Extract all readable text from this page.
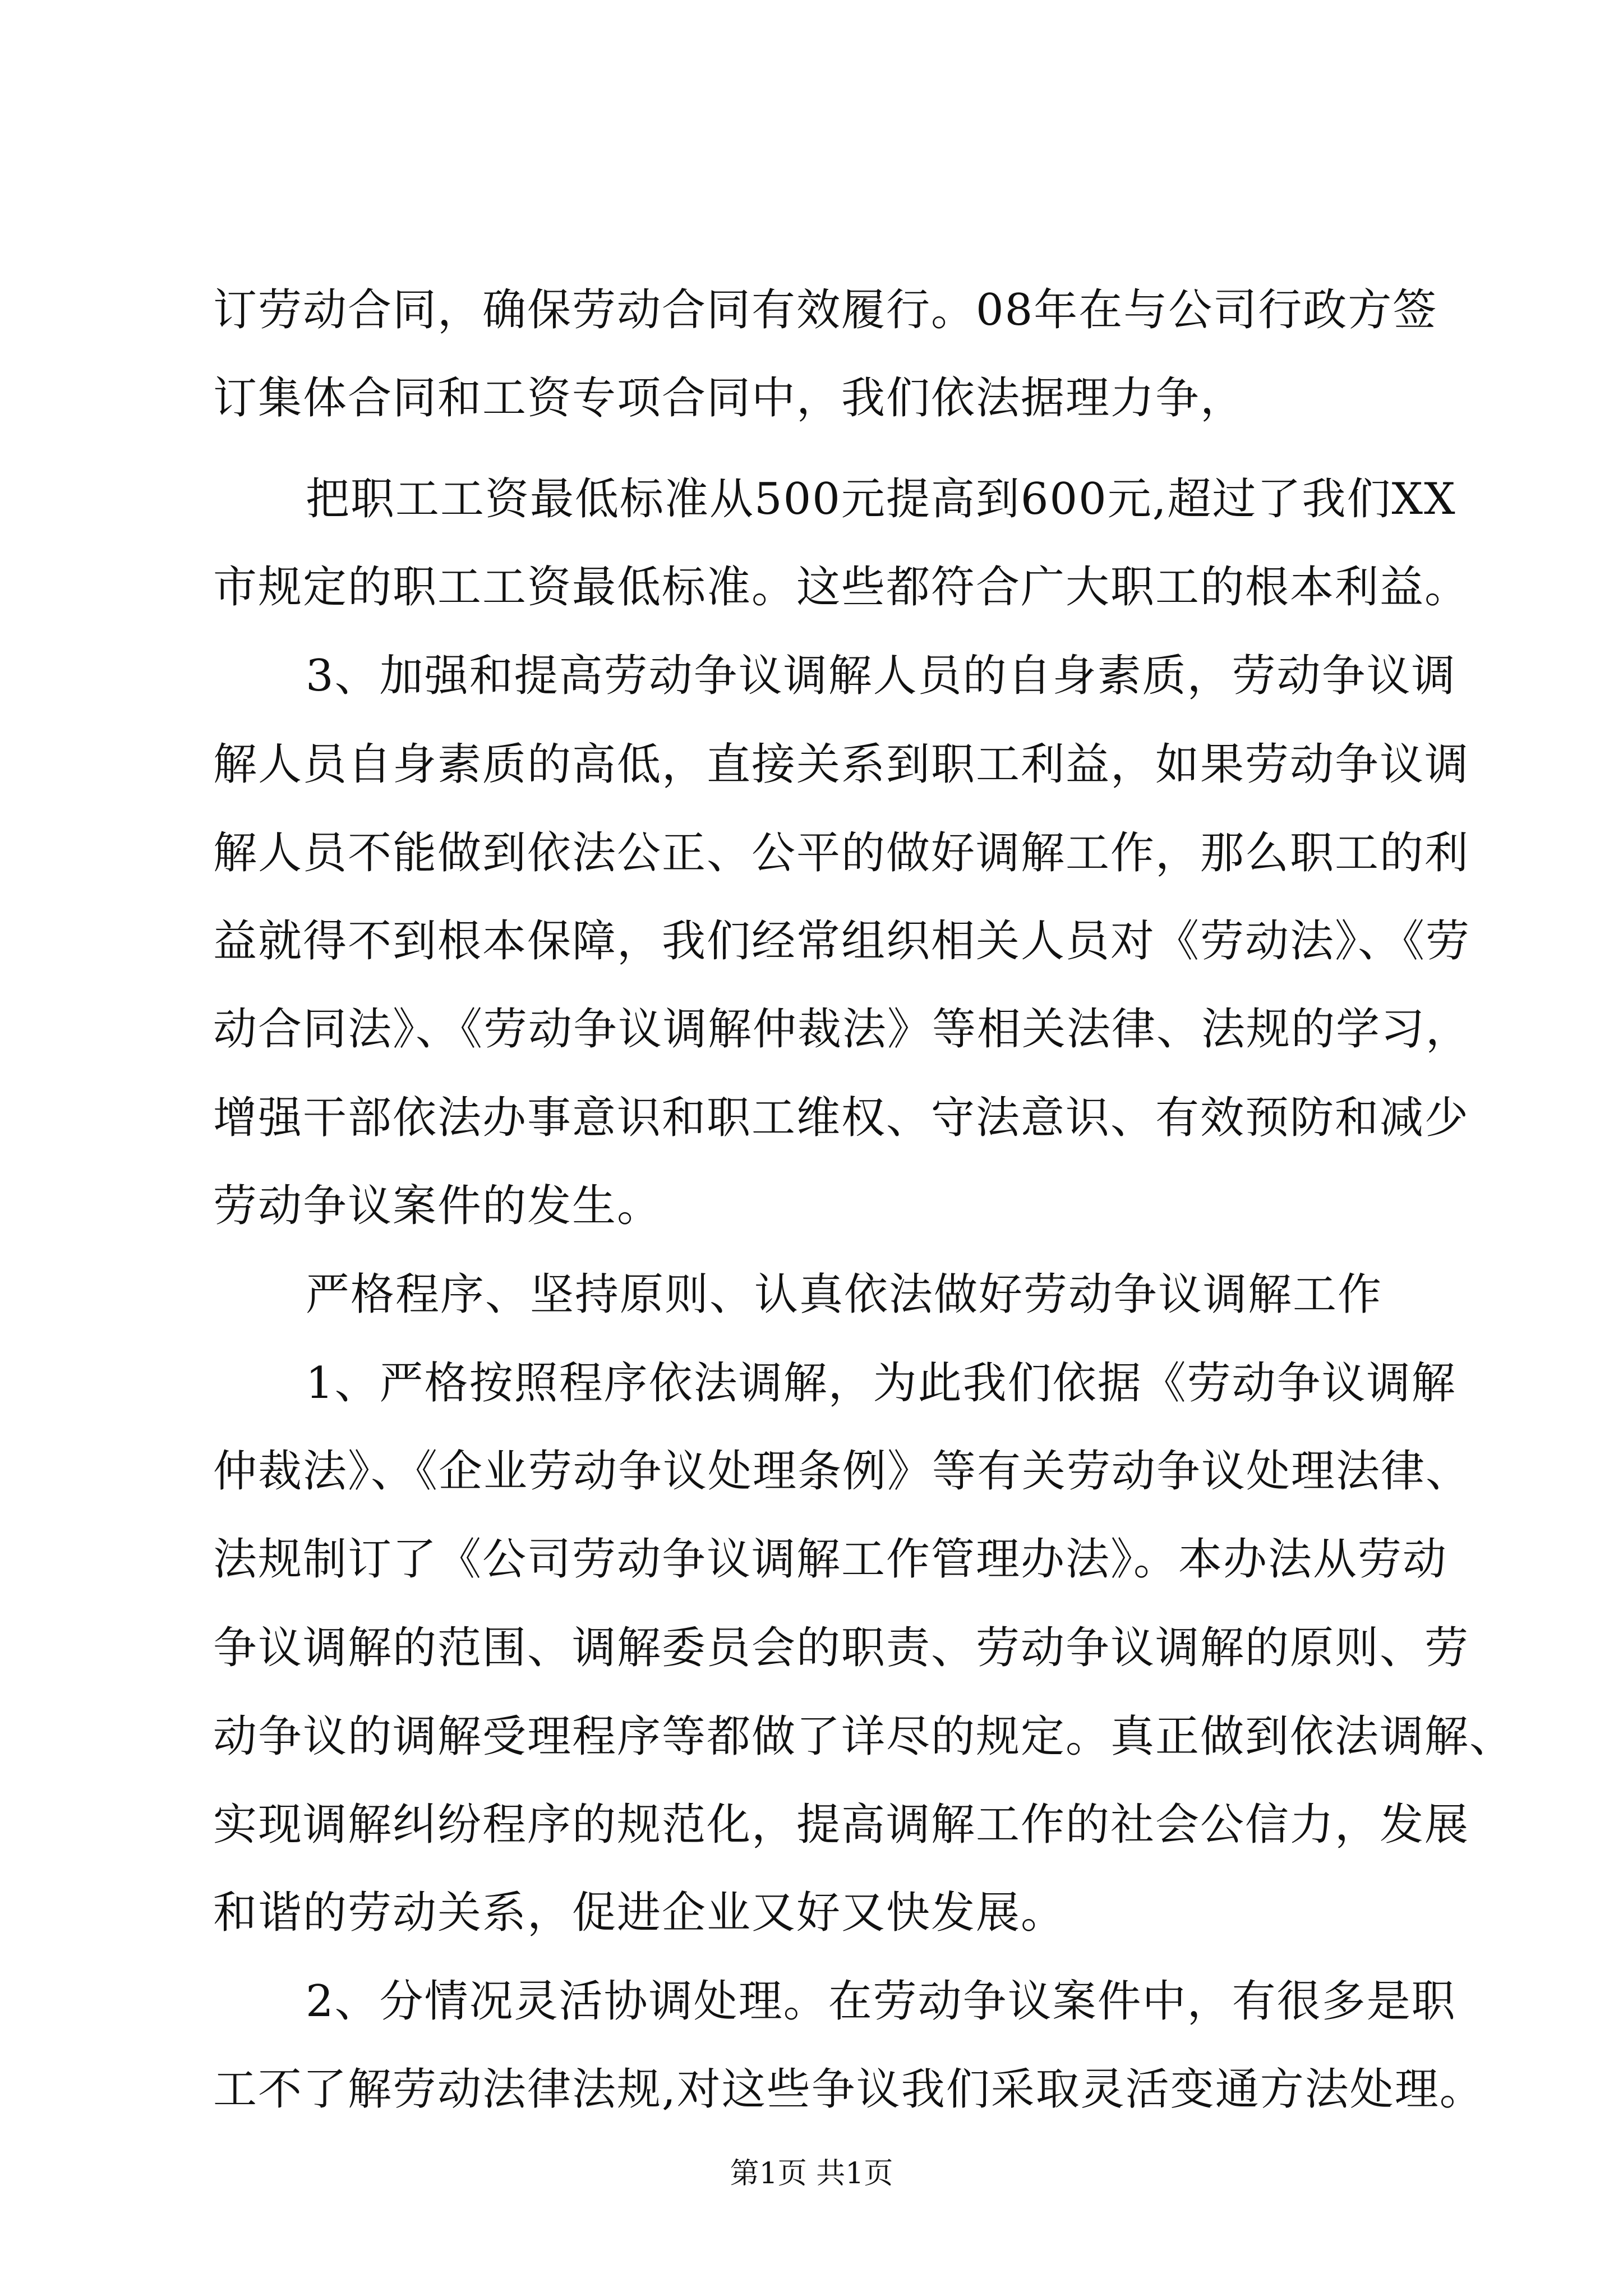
订劳动合同，确保劳动合同有效履行。08年在与公司行政方签
订集体合同和工资专项合同中，我们依法据理力争，
把职工工资最低标准从500元提高到600元,超过了我们XX
市规定的职工工资最低标准。这些都符合广大职工的根本利益。
3、加强和提高劳动争议调解人员的自身素质，劳动争议调
解人员自身素质的高低，直接关系到职工利益，如果劳动争议调
解人员不能做到依法公正、公平的做好调解工作，那么职工的利
益就得不到根本保障，我们经常组织相关人员对《劳动法》、《劳
动合同法》、《劳动争议调解仲裁法》等相关法律、法规的学习，
增强干部依法办事意识和职工维权、守法意识、有效预防和减少
劳动争议案件的发生。
严格程序、坚持原则、认真依法做好劳动争议调解工作
1、严格按照程序依法调解，为此我们依据《劳动争议调解
仲裁法》、《企业劳动争议处理条例》等有关劳动争议处理法律、
法规制订了《公司劳动争议调解工作管理办法》。本办法从劳动
争议调解的范围、调解委员会的职责、劳动争议调解的原则、劳
动争议的调解受理程序等都做了详尽的规定。真正做到依法调解、
实现调解纠纷程序的规范化，提高调解工作的社会公信力，发展
和谐的劳动关系，促进企业又好又快发展。
2、分情况灵活协调处理。在劳动争议案件中，有很多是职
工不了解劳动法律法规,对这些争议我们采取灵活变通方法处理。
第1页 共1页
